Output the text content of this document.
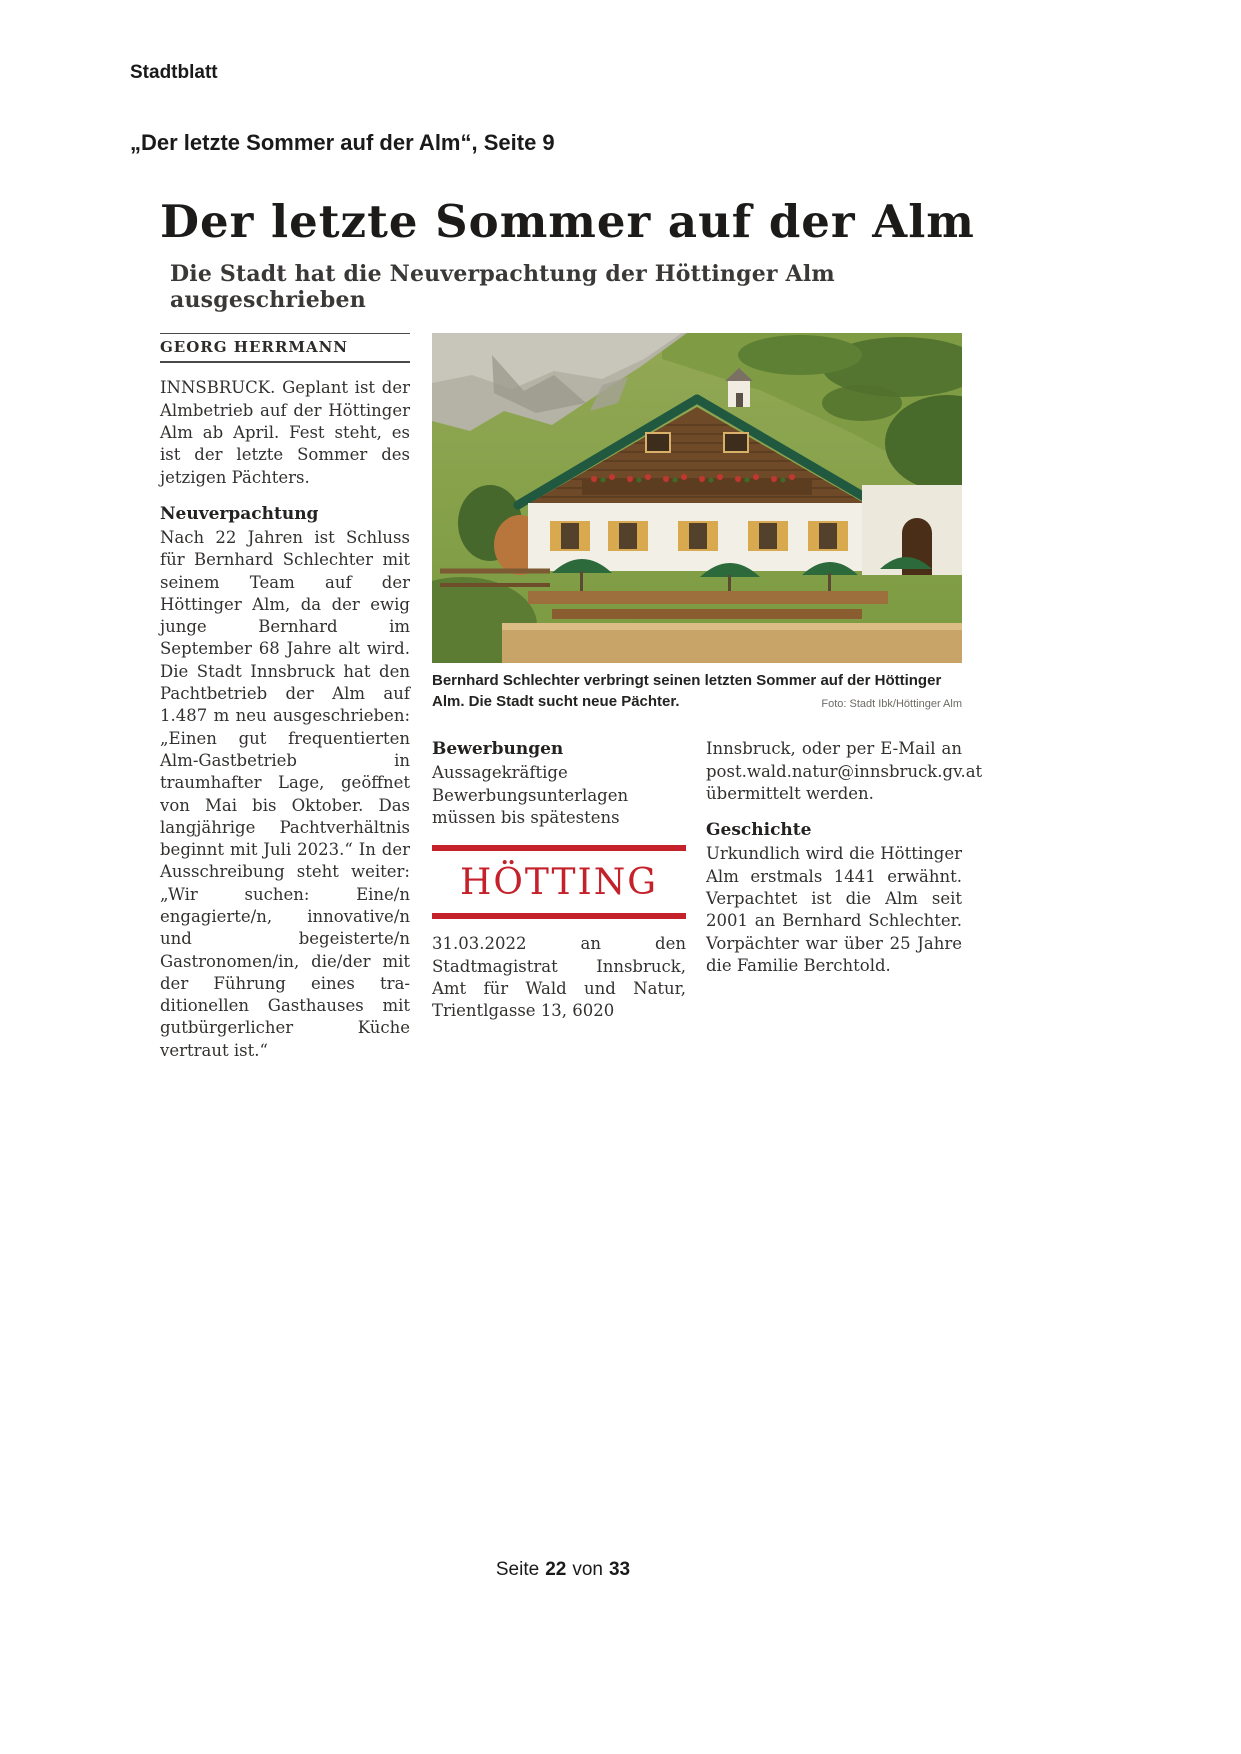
Stadtblatt
„Der letzte Sommer auf der Alm“, Seite 9
Der letzte Sommer auf der Alm
Die Stadt hat die Neuverpachtung der Höttinger Alm ausgeschrieben
GEORG HERRMANN

INNSBRUCK. Geplant ist der Almbetrieb auf der Höttinger Alm ab April. Fest steht, es ist der letzte Sommer des jetzigen Pächters.

Neuverpachtung

Nach 22 Jahren ist Schluss für Bernhard Schlechter mit seinem Team auf der Höttinger Alm, da der ewig junge Bernhard im September 68 Jahre alt wird. Die Stadt Innsbruck hat den Pachtbetrieb der Alm auf 1.487 m neu ausgeschrieben: „Einen gut frequentierten Alm-Gastbetrieb in traumhafter Lage, geöffnet von Mai bis Oktober. Das langjährige Pachtverhältnis beginnt mit Juli 2023.“ In der Ausschreibung steht weiter: „Wir suchen: Eine/n engagierte/n, innovative/n und begeisterte/n Gastronomen/in, die/der mit der Führung eines traditionellen Gasthauses mit gutbürgerlicher Küche vertraut ist.“

Bernhard Schlechter verbringt seinen letzten Sommer auf der Höttinger Alm. Die Stadt sucht neue Pächter.	Foto: Stadt Ibk/Höttinger Alm
Bewerbungen

Aussagekräftige Bewerbungsunterlagen müssen bis spätestens

HÖTTING

31.03.2022 an den Stadtmagistrat Innsbruck, Amt für Wald und Natur, Trientlgasse 13, 6020

Innsbruck, oder per E-Mail an post.wald.natur@innsbruck.gv.at übermittelt werden.

Geschichte

Urkundlich wird die Höttinger Alm erstmals 1441 erwähnt. Verpachtet ist die Alm seit 2001 an Bernhard Schlechter. Vorpächter war über 25 Jahre die Familie Berchtold.

Seite 22 von 33
